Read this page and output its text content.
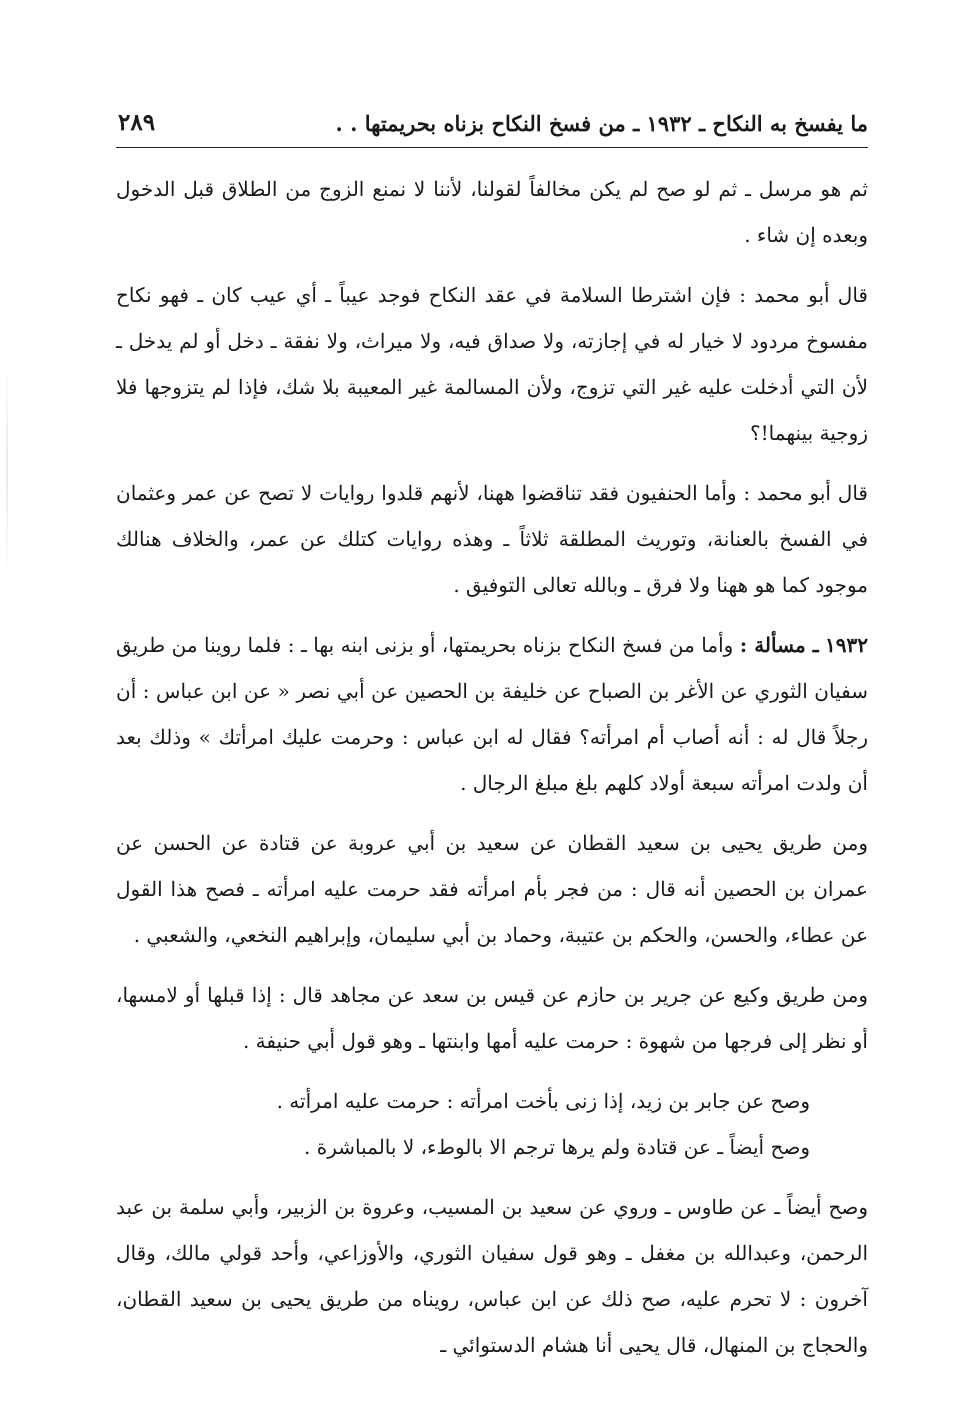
ما يفسخ به النكاح ـ ١٩٣٢ ـ من فسخ النكاح بزناه بحريمتها . .
٢٨٩

ثم هو مرسل ـ ثم لو صح لم يكن مخالفاً لقولنا، لأننا لا نمنع الزوج من الطلاق قبل الدخول وبعده إن شاء .

قال أبو محمد : فإن اشترطا السلامة في عقد النكاح فوجد عيباً ـ أي عيب كان ـ فهو نكاح مفسوخ مردود لا خيار له في إجازته، ولا صداق فيه، ولا ميراث، ولا نفقة ـ دخل أو لم يدخل ـ لأن التي أدخلت عليه غير التي تزوج، ولأن المسالمة غير المعيبة بلا شك، فإذا لم يتزوجها فلا زوجية بينهما!؟

قال أبو محمد : وأما الحنفيون فقد تناقضوا ههنا، لأنهم قلدوا روايات لا تصح عن عمر وعثمان في الفسخ بالعنانة، وتوريث المطلقة ثلاثاً ـ وهذه روايات كتلك عن عمر، والخلاف هنالك موجود كما هو ههنا ولا فرق ـ وبالله تعالى التوفيق .

١٩٣٢ ـ مسألة : وأما من فسخ النكاح بزناه بحريمتها، أو بزنى ابنه بها ـ : فلما روينا من طريق سفيان الثوري عن الأغر بن الصباح عن خليفة بن الحصين عن أبي نصر « عن ابن عباس : أن رجلاً قال له : أنه أصاب أم امرأته؟ فقال له ابن عباس : وحرمت عليك امرأتك » وذلك بعد أن ولدت امرأته سبعة أولاد كلهم بلغ مبلغ الرجال .

ومن طريق يحيى بن سعيد القطان عن سعيد بن أبي عروبة عن قتادة عن الحسن عن عمران بن الحصين أنه قال : من فجر بأم امرأته فقد حرمت عليه امرأته ـ فصح هذا القول عن عطاء، والحسن، والحكم بن عتيبة، وحماد بن أبي سليمان، وإبراهيم النخعي، والشعبي .

ومن طريق وكيع عن جرير بن حازم عن قيس بن سعد عن مجاهد قال : إذا قبلها أو لامسها، أو نظر إلى فرجها من شهوة : حرمت عليه أمها وابنتها ـ وهو قول أبي حنيفة .

وصح عن جابر بن زيد، إذا زنى بأخت امرأته : حرمت عليه امرأته .

وصح أيضاً ـ عن قتادة ولم يرها ترجم الا بالوطء، لا بالمباشرة .

وصح أيضاً ـ عن طاوس ـ وروي عن سعيد بن المسيب، وعروة بن الزبير، وأبي سلمة بن عبد الرحمن، وعبدالله بن مغفل ـ وهو قول سفيان الثوري، والأوزاعي، وأحد قولي مالك، وقال آخرون : لا تحرم عليه، صح ذلك عن ابن عباس، رويناه من طريق يحيى بن سعيد القطان، والحجاج بن المنهال، قال يحيى أنا هشام الدستوائي ـ
